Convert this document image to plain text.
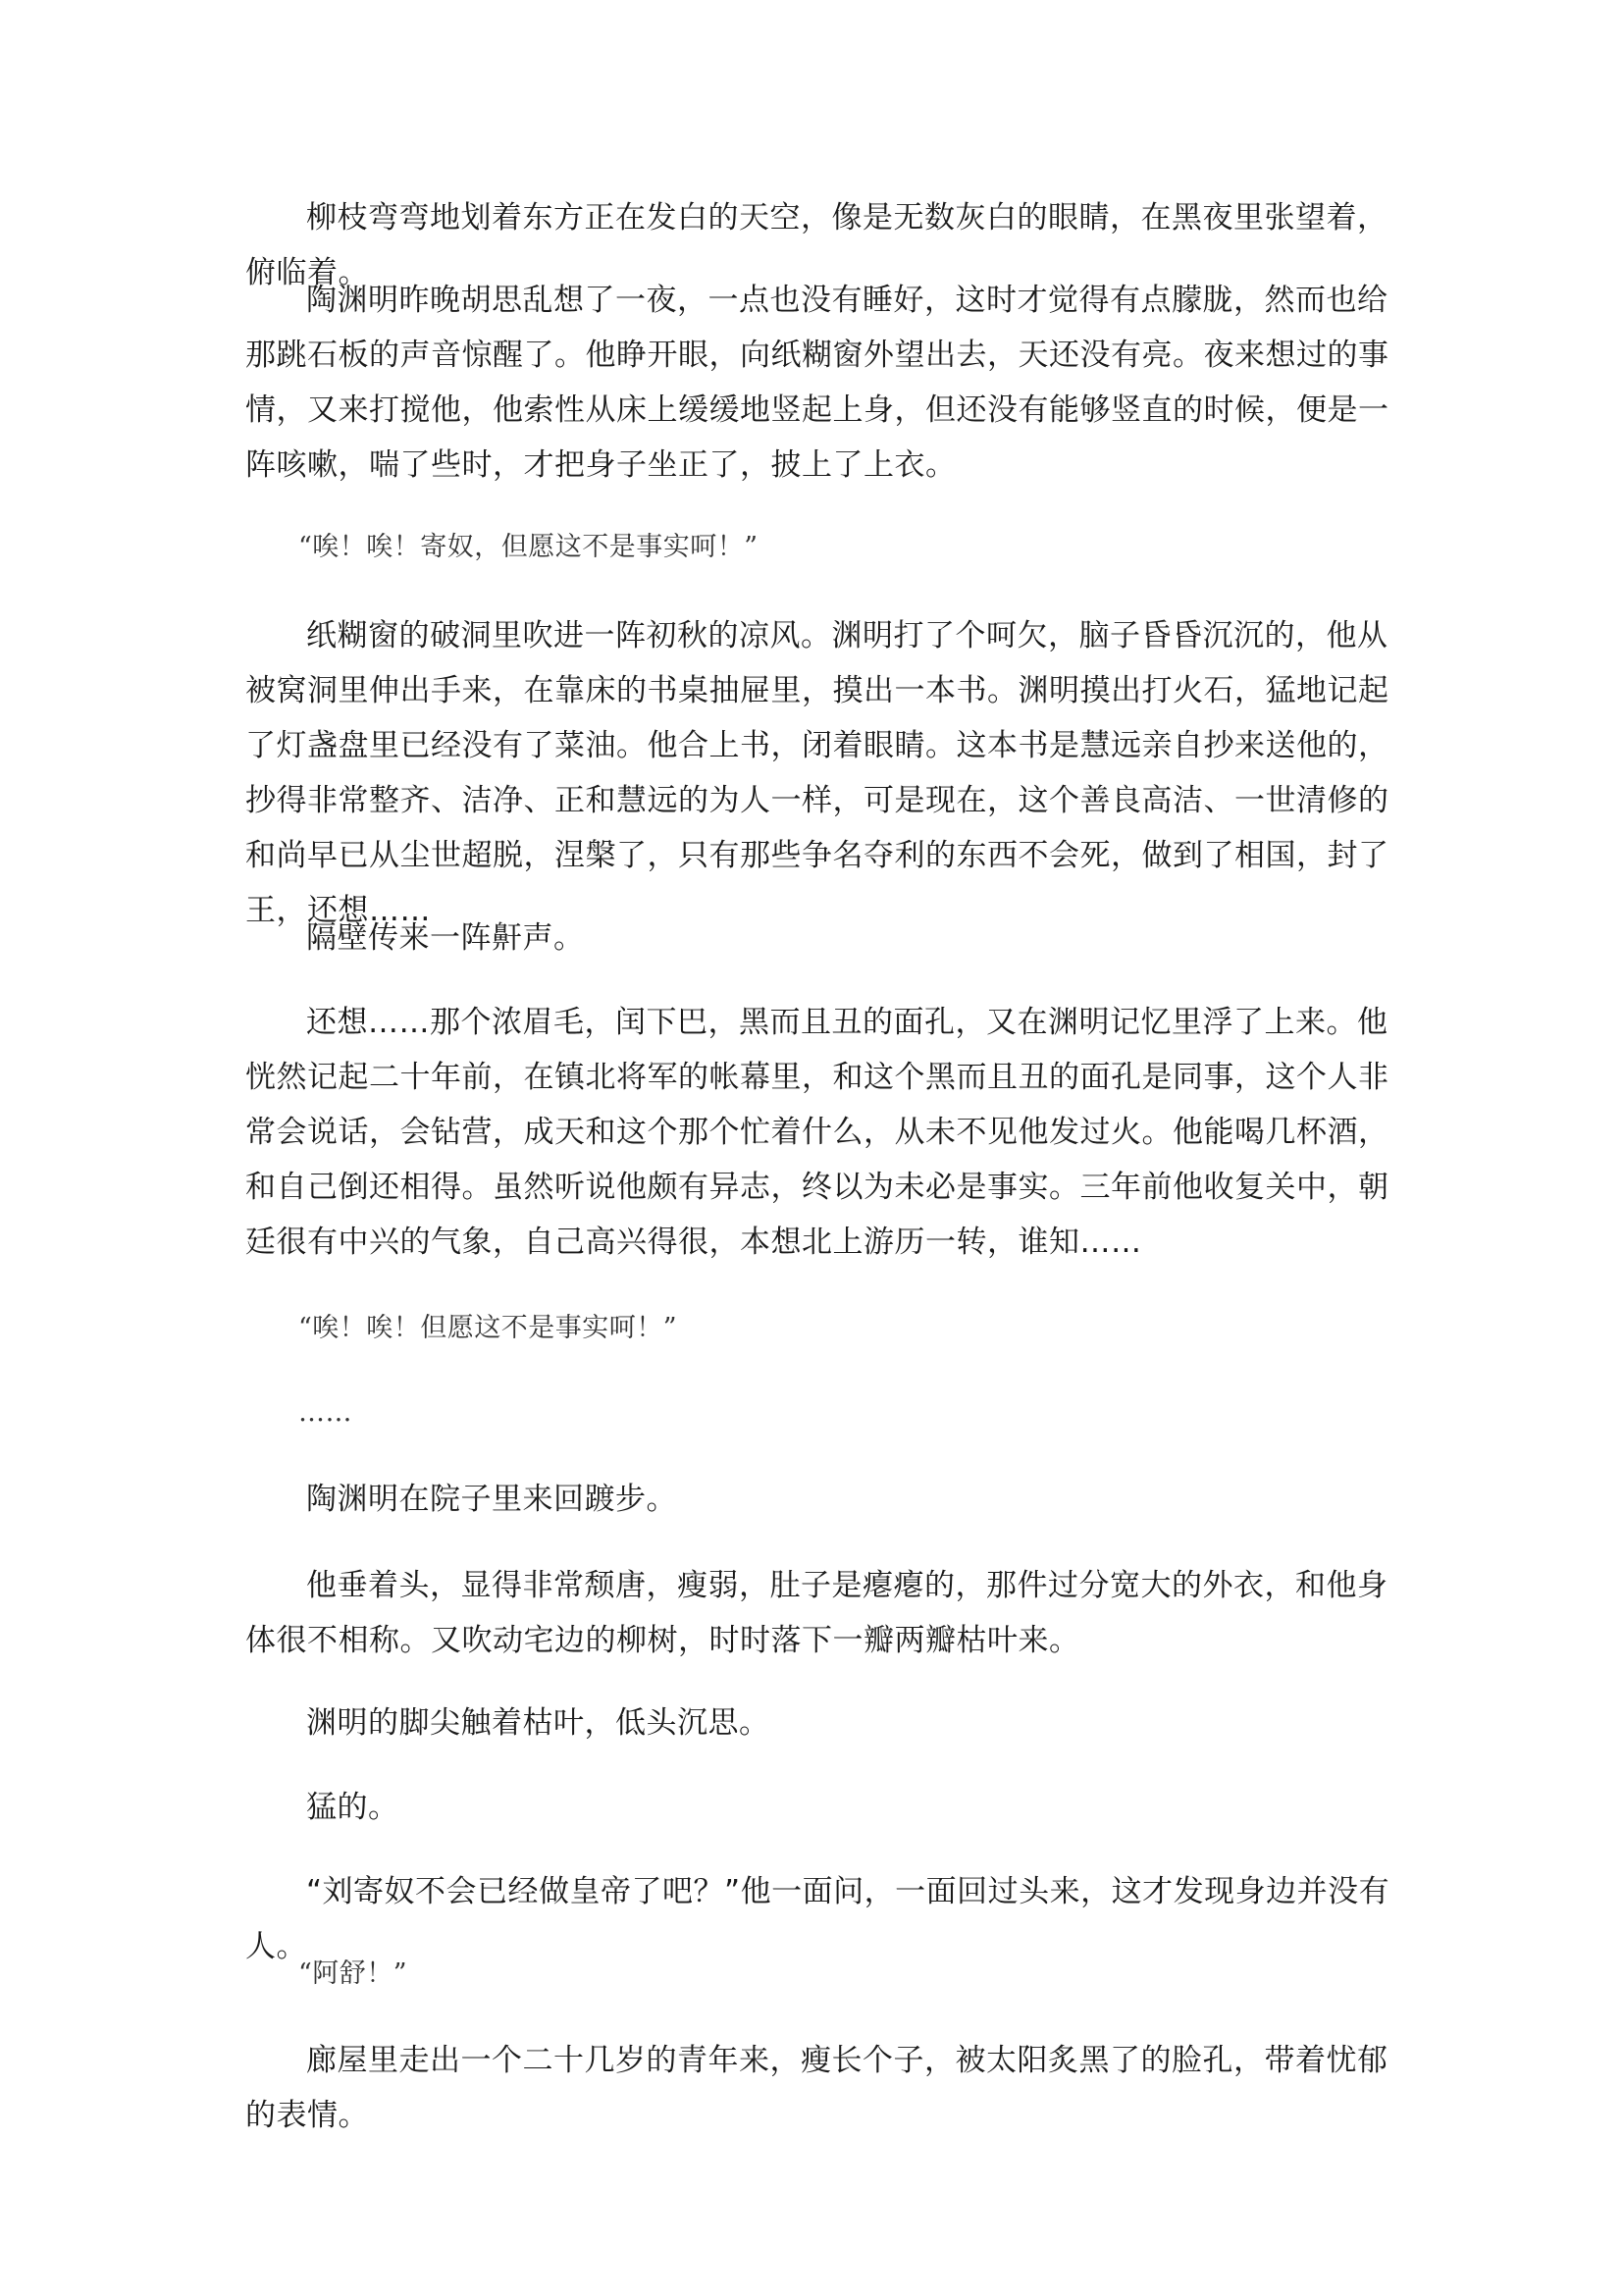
柳枝弯弯地划着东方正在发白的天空，像是无数灰白的眼睛，在黑夜里张望着，俯临着。

陶渊明昨晚胡思乱想了一夜，一点也没有睡好，这时才觉得有点朦胧，然而也给那跳石板的声音惊醒了。他睁开眼，向纸糊窗外望出去，天还没有亮。夜来想过的事情，又来打搅他，他索性从床上缓缓地竖起上身，但还没有能够竖直的时候，便是一阵咳嗽，喘了些时，才把身子坐正了，披上了上衣。

“唉！唉！寄奴，但愿这不是事实呵！”

纸糊窗的破洞里吹进一阵初秋的凉风。渊明打了个呵欠，脑子昏昏沉沉的，他从被窝洞里伸出手来，在靠床的书桌抽屉里，摸出一本书。渊明摸出打火石，猛地记起了灯盏盘里已经没有了菜油。他合上书，闭着眼睛。这本书是慧远亲自抄来送他的，抄得非常整齐、洁净、正和慧远的为人一样，可是现在，这个善良高洁、一世清修的和尚早已从尘世超脱，涅槃了，只有那些争名夺利的东西不会死，做到了相国，封了王，还想……

隔壁传来一阵鼾声。

还想……那个浓眉毛，闰下巴，黑而且丑的面孔，又在渊明记忆里浮了上来。他恍然记起二十年前，在镇北将军的帐幕里，和这个黑而且丑的面孔是同事，这个人非常会说话，会钻营，成天和这个那个忙着什么，从未不见他发过火。他能喝几杯酒，和自己倒还相得。虽然听说他颇有异志，终以为未必是事实。三年前他收复关中，朝廷很有中兴的气象，自己高兴得很，本想北上游历一转，谁知……

“唉！唉！但愿这不是事实呵！”

……

陶渊明在院子里来回踱步。

他垂着头，显得非常颓唐，瘦弱，肚子是瘪瘪的，那件过分宽大的外衣，和他身体很不相称。又吹动宅边的柳树，时时落下一瓣两瓣枯叶来。

渊明的脚尖触着枯叶，低头沉思。

猛的。

“刘寄奴不会已经做皇帝了吧？”他一面问，一面回过头来，这才发现身边并没有人。

“阿舒！”

廊屋里走出一个二十几岁的青年来，瘦长个子，被太阳炙黑了的脸孔，带着忧郁的表情。
